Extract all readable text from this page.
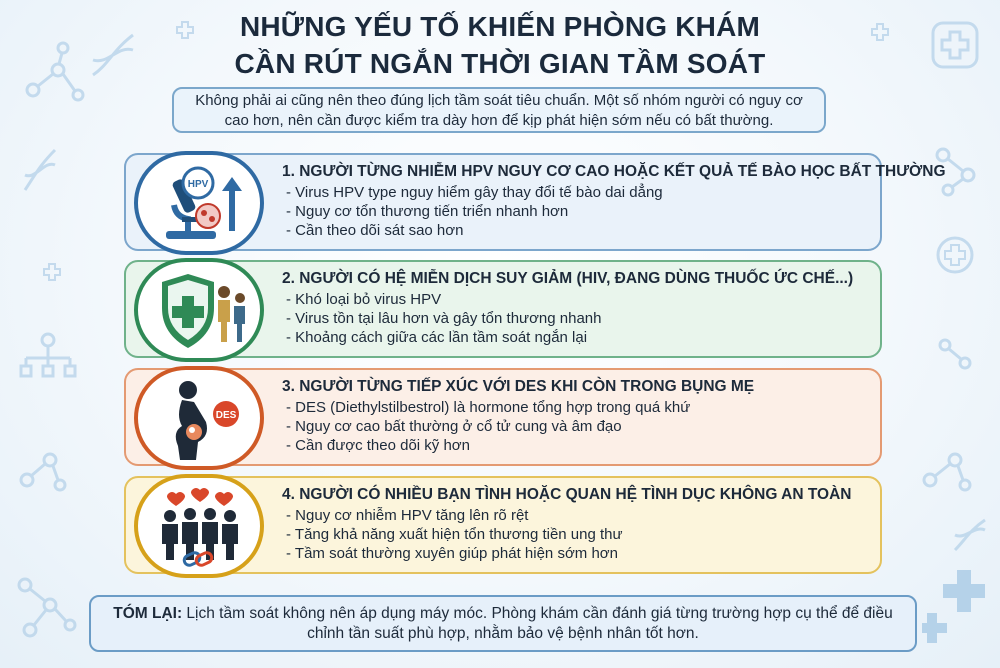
NHỮNG YẾU TỐ KHIẾN PHÒNG KHÁM
CẦN RÚT NGẮN THỜI GIAN TẦM SOÁT
Không phải ai cũng nên theo đúng lịch tầm soát tiêu chuẩn. Một số nhóm người có nguy cơ cao hơn, nên cần được kiểm tra dày hơn để kịp phát hiện sớm nếu có bất thường.
HPV
1. NGƯỜI TỪNG NHIỄM HPV NGUY CƠ CAO HOẶC KẾT QUẢ TẾ BÀO HỌC BẤT THƯỜNG
- Virus HPV type nguy hiểm gây thay đổi tế bào dai dẳng
- Nguy cơ tổn thương tiến triển nhanh hơn
- Cần theo dõi sát sao hơn
2. NGƯỜI CÓ HỆ MIỄN DỊCH SUY GIẢM (HIV, ĐANG DÙNG THUỐC ỨC CHẾ...)
- Khó loại bỏ virus HPV
- Virus tồn tại lâu hơn và gây tổn thương nhanh
- Khoảng cách giữa các lần tầm soát ngắn lại
DES
3. NGƯỜI TỪNG TIẾP XÚC VỚI DES KHI CÒN TRONG BỤNG MẸ
- DES (Diethylstilbestrol) là hormone tổng hợp trong quá khứ
- Nguy cơ cao bất thường ở cổ tử cung và âm đạo
- Cần được theo dõi kỹ hơn
4. NGƯỜI CÓ NHIỀU BẠN TÌNH HOẶC QUAN HỆ TÌNH DỤC KHÔNG AN TOÀN
- Nguy cơ nhiễm HPV tăng lên rõ rệt
- Tăng khả năng xuất hiện tổn thương tiền ung thư
- Tầm soát thường xuyên giúp phát hiện sớm hơn
TÓM LẠI: Lịch tầm soát không nên áp dụng máy móc. Phòng khám cần đánh giá từng trường hợp cụ thể để điều chỉnh tần suất phù hợp, nhằm bảo vệ bệnh nhân tốt hơn.
